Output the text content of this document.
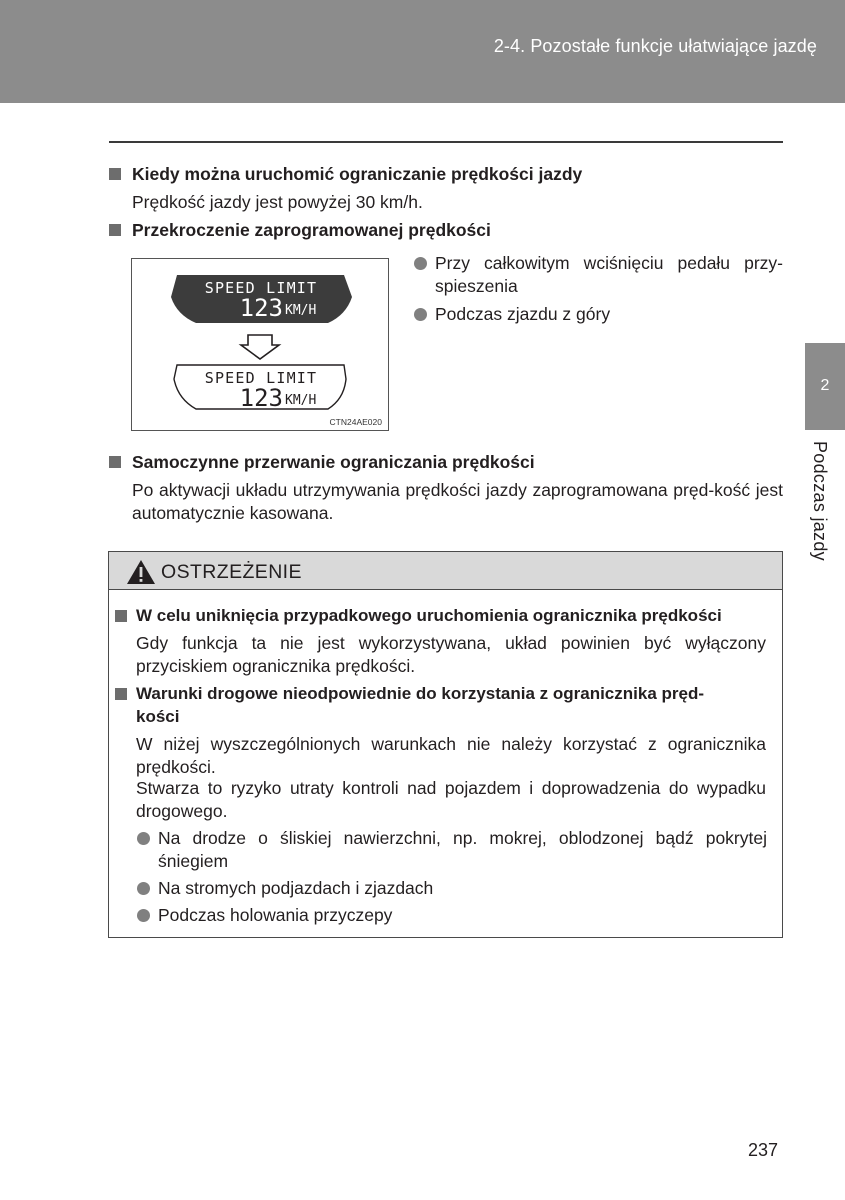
2-4. Pozostałe funkcje ułatwiające jazdę
2
Podczas jazdy
Kiedy można uruchomić ograniczanie prędkości jazdy
Prędkość jazdy jest powyżej 30 km/h.
Przekroczenie zaprogramowanej prędkości
SPEED LIMIT
123 KM/H
SPEED LIMIT
123 KM/H
CTN24AE020
Przy całkowitym wciśnięciu pedału przy-spieszenia
Podczas zjazdu z góry
Samoczynne przerwanie ograniczania prędkości
Po aktywacji układu utrzymywania prędkości jazdy zaprogramowana pręd-kość jest automatycznie kasowana.
OSTRZEŻENIE
W celu uniknięcia przypadkowego uruchomienia ogranicznika prędkości
Gdy funkcja ta nie jest wykorzystywana, układ powinien być wyłączony przyciskiem ogranicznika prędkości.
Warunki drogowe nieodpowiednie do korzystania z ogranicznika pręd-
kości
W niżej wyszczególnionych warunkach nie należy korzystać z ogranicznika prędkości.
Stwarza to ryzyko utraty kontroli nad pojazdem i doprowadzenia do wypadku drogowego.
Na drodze o śliskiej nawierzchni, np. mokrej, oblodzonej bądź pokrytej śniegiem
Na stromych podjazdach i zjazdach
Podczas holowania przyczepy
237
